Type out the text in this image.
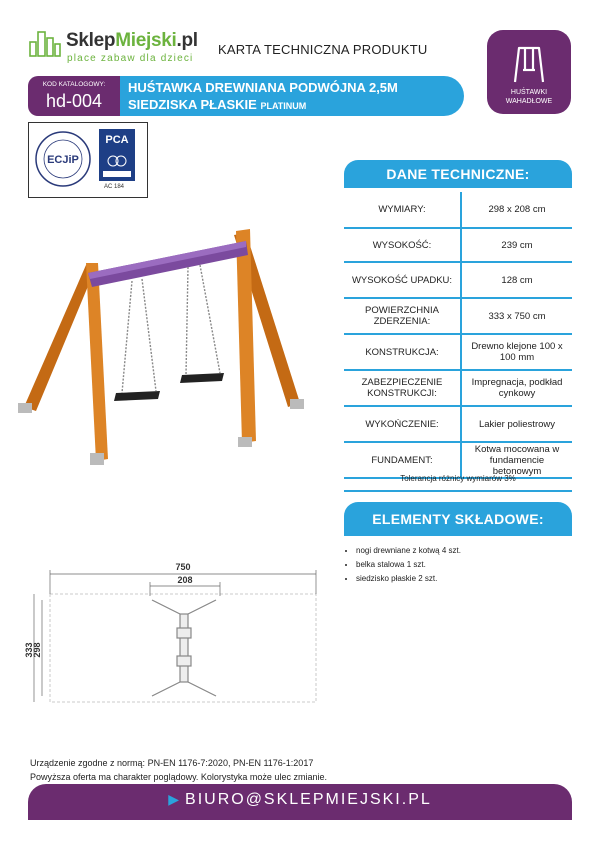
SklepMiejski.pl
place zabaw dla dzieci
KARTA TECHNICZNA PRODUKTU
HUŚTAWKI WAHADŁOWE
KOD KATALOGOWY:
hd-004
HUŚTAWKA DREWNIANA PODWÓJNA 2,5M
SIEDZISKA PŁASKIE PLATINUM
ECJiP
PCA
AC 184
DANE TECHNICZNE:
WYMIARY:	298 x 208 cm
WYSOKOŚĆ:	239 cm
WYSOKOŚĆ UPADKU:	128 cm
POWIERZCHNIA ZDERZENIA:	333 x 750 cm
KONSTRUKCJA:	Drewno klejone 100 x 100 mm
ZABEZPIECZENIE KONSTRUKCJI:	Impregnacja, podkład cynkowy
WYKOŃCZENIE:	Lakier poliestrowy
FUNDAMENT:	Kotwa mocowana w fundamencie betonowym
Tolerancja różnicy wymiarów 3%
ELEMENTY SKŁADOWE:
• nogi drewniane z kotwą 4 szt.
• belka stalowa 1 szt.
• siedzisko płaskie 2 szt.
750
208
333
298
Urządzenie zgodne z normą: PN-EN 1176-7:2020, PN-EN 1176-1:2017
Powyższa oferta ma charakter poglądowy. Kolorystyka może ulec zmianie.
▶ BIURO@SKLEPMIEJSKI.PL
